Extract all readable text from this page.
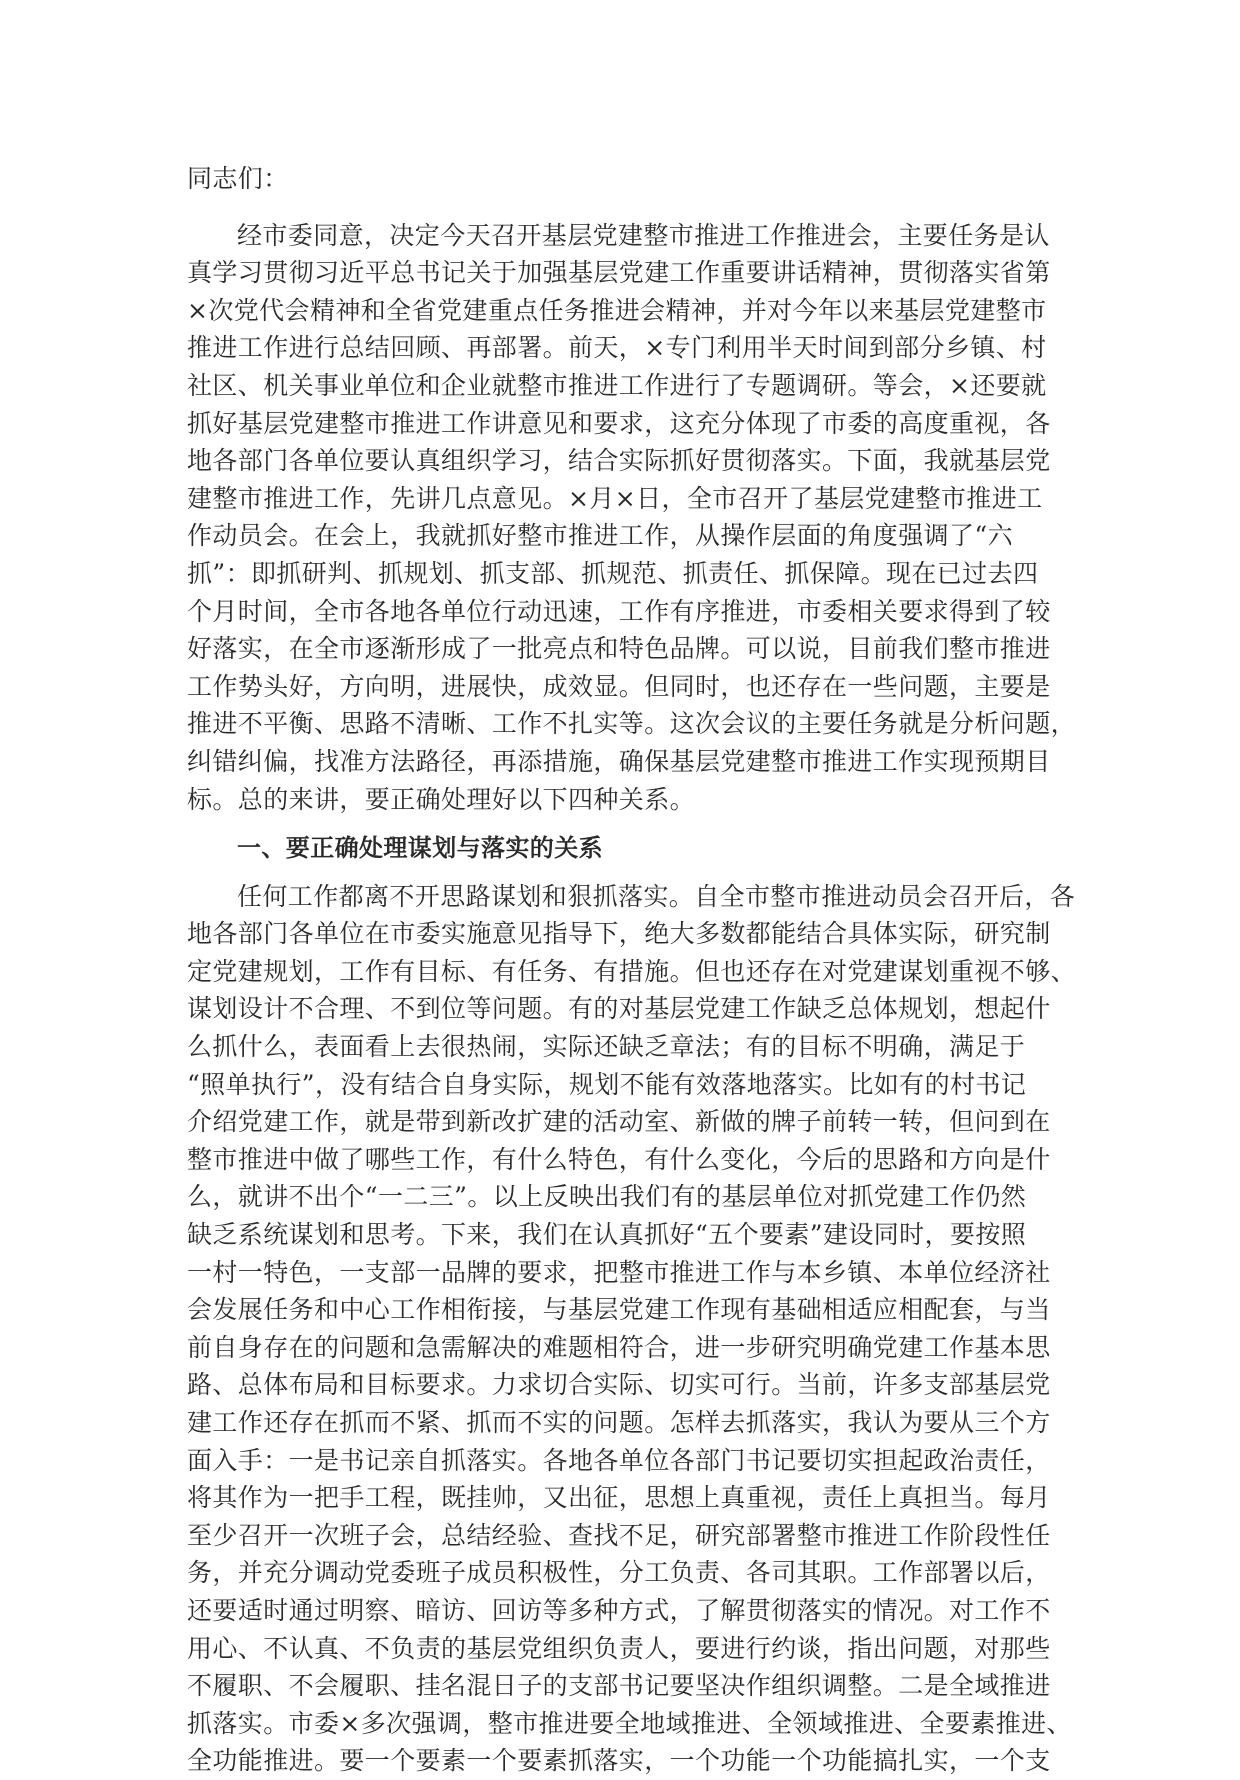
同志们：
经市委同意，决定今天召开基层党建整市推进工作推进会，主要任务是认
真学习贯彻习近平总书记关于加强基层党建工作重要讲话精神，贯彻落实省第
×次党代会精神和全省党建重点任务推进会精神，并对今年以来基层党建整市
推进工作进行总结回顾、再部署。前天，×专门利用半天时间到部分乡镇、村
社区、机关事业单位和企业就整市推进工作进行了专题调研。等会，×还要就
抓好基层党建整市推进工作讲意见和要求，这充分体现了市委的高度重视，各
地各部门各单位要认真组织学习，结合实际抓好贯彻落实。下面，我就基层党
建整市推进工作，先讲几点意见。×月×日，全市召开了基层党建整市推进工
作动员会。在会上，我就抓好整市推进工作，从操作层面的角度强调了“六
抓”：即抓研判、抓规划、抓支部、抓规范、抓责任、抓保障。现在已过去四
个月时间，全市各地各单位行动迅速，工作有序推进，市委相关要求得到了较
好落实，在全市逐渐形成了一批亮点和特色品牌。可以说，目前我们整市推进
工作势头好，方向明，进展快，成效显。但同时，也还存在一些问题，主要是
推进不平衡、思路不清晰、工作不扎实等。这次会议的主要任务就是分析问题，
纠错纠偏，找准方法路径，再添措施，确保基层党建整市推进工作实现预期目
标。总的来讲，要正确处理好以下四种关系。
一、要正确处理谋划与落实的关系
任何工作都离不开思路谋划和狠抓落实。自全市整市推进动员会召开后，各
地各部门各单位在市委实施意见指导下，绝大多数都能结合具体实际，研究制
定党建规划，工作有目标、有任务、有措施。但也还存在对党建谋划重视不够、
谋划设计不合理、不到位等问题。有的对基层党建工作缺乏总体规划，想起什
么抓什么，表面看上去很热闹，实际还缺乏章法；有的目标不明确，满足于
“照单执行”，没有结合自身实际，规划不能有效落地落实。比如有的村书记
介绍党建工作，就是带到新改扩建的活动室、新做的牌子前转一转，但问到在
整市推进中做了哪些工作，有什么特色，有什么变化，今后的思路和方向是什
么，就讲不出个“一二三”。以上反映出我们有的基层单位对抓党建工作仍然
缺乏系统谋划和思考。下来，我们在认真抓好“五个要素”建设同时，要按照
一村一特色，一支部一品牌的要求，把整市推进工作与本乡镇、本单位经济社
会发展任务和中心工作相衔接，与基层党建工作现有基础相适应相配套，与当
前自身存在的问题和急需解决的难题相符合，进一步研究明确党建工作基本思
路、总体布局和目标要求。力求切合实际、切实可行。当前，许多支部基层党
建工作还存在抓而不紧、抓而不实的问题。怎样去抓落实，我认为要从三个方
面入手：一是书记亲自抓落实。各地各单位各部门书记要切实担起政治责任，
将其作为一把手工程，既挂帅，又出征，思想上真重视，责任上真担当。每月
至少召开一次班子会，总结经验、查找不足，研究部署整市推进工作阶段性任
务，并充分调动党委班子成员积极性，分工负责、各司其职。工作部署以后，
还要适时通过明察、暗访、回访等多种方式，了解贯彻落实的情况。对工作不
用心、不认真、不负责的基层党组织负责人，要进行约谈，指出问题，对那些
不履职、不会履职、挂名混日子的支部书记要坚决作组织调整。二是全域推进
抓落实。市委×多次强调，整市推进要全地域推进、全领域推进、全要素推进、
全功能推进。要一个要素一个要素抓落实，一个功能一个功能搞扎实，一个支
